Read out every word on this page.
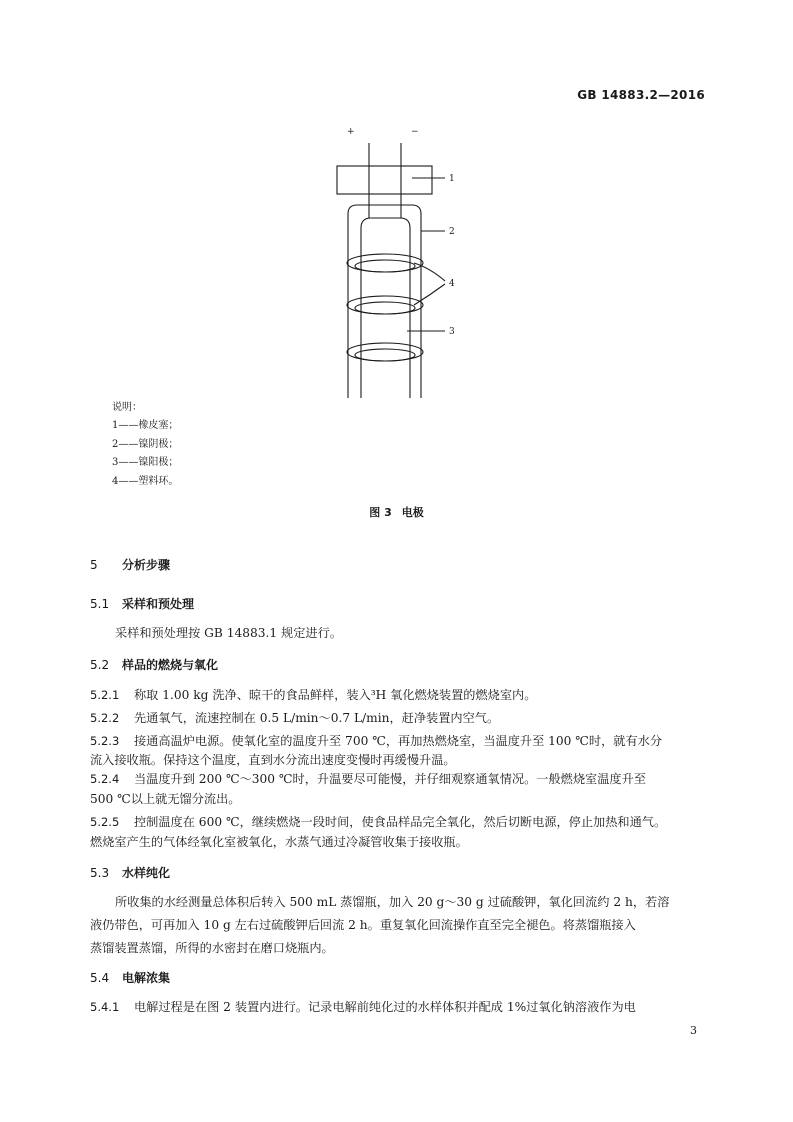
GB 14883.2—2016
+	−
1
2
4
3
说明：
1——橡皮塞；
2——镍阴极；
3——镍阳极；
4——塑料环。
图 3 电极
5 分析步骤
5.1 采样和预处理
采样和预处理按 GB 14883.1 规定进行。
5.2 样品的燃烧与氧化
5.2.1 称取 1.00 kg 洗净、晾干的食品鲜样，装入³H 氧化燃烧装置的燃烧室内。
5.2.2 先通氧气，流速控制在 0.5 L/min～0.7 L/min，赶净装置内空气。
5.2.3 接通高温炉电源。使氧化室的温度升至 700 ℃，再加热燃烧室，当温度升至 100 ℃时，就有水分
流入接收瓶。保持这个温度，直到水分流出速度变慢时再缓慢升温。
5.2.4 当温度升到 200 ℃～300 ℃时，升温要尽可能慢，并仔细观察通氧情况。一般燃烧室温度升至
500 ℃以上就无馏分流出。
5.2.5 控制温度在 600 ℃，继续燃烧一段时间，使食品样品完全氧化，然后切断电源，停止加热和通气。
燃烧室产生的气体经氧化室被氧化，水蒸气通过冷凝管收集于接收瓶。
5.3 水样纯化
所收集的水经测量总体积后转入 500 mL 蒸馏瓶，加入 20 g～30 g 过硫酸钾，氧化回流约 2 h，若溶
液仍带色，可再加入 10 g 左右过硫酸钾后回流 2 h。重复氧化回流操作直至完全褪色。将蒸馏瓶接入
蒸馏装置蒸馏，所得的水密封在磨口烧瓶内。
5.4 电解浓集
5.4.1 电解过程是在图 2 装置内进行。记录电解前纯化过的水样体积并配成 1%过氧化钠溶液作为电
3
